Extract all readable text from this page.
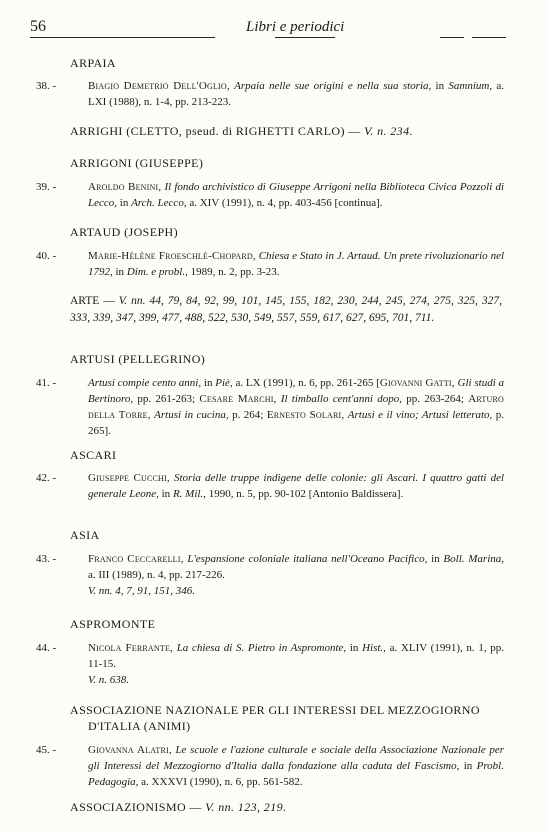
56	Libri e periodici
ARPAIA
38. -	Biagio Demetrio Dell'Oglio, Arpaia nelle sue origini e nella sua storia, in Samnium, a. LXI (1988), n. 1-4, pp. 213-223.
ARRIGHI (CLETTO, pseud. di RIGHETTI CARLO) — V. n. 234.
ARRIGONI (GIUSEPPE)
39. -	Aroldo Benini, Il fondo archivistico di Giuseppe Arrigoni nella Biblioteca Civica Pozzoli di Lecco, in Arch. Lecco, a. XIV (1991), n. 4, pp. 403-456 [continua].
ARTAUD (JOSEPH)
40. -	Marie-Hélène Froeschlé-Chopard, Chiesa e Stato in J. Artaud. Un prete rivoluzionario nel 1792, in Dim. e probl., 1989, n. 2, pp. 3-23.
ARTE — V. nn. 44, 79, 84, 92, 99, 101, 145, 155, 182, 230, 244, 245, 274, 275, 325, 327, 333, 339, 347, 399, 477, 488, 522, 530, 549, 557, 559, 617, 627, 695, 701, 711.
ARTUSI (PELLEGRINO)
41. -	Artusi compie cento anni, in Piè, a. LX (1991), n. 6, pp. 261-265 [Giovanni Gatti, Gli studi a Bertinoro, pp. 261-263; Cesare Marchi, Il timballo cent'anni dopo, pp. 263-264; Arturo della Torre, Artusi in cucina, p. 264; Ernesto Solari, Artusi e il vino; Artusi letterato, p. 265].
ASCARI
42. -	Giuseppe Cucchi, Storia delle truppe indigene delle colonie: gli Ascari. I quattro gatti del generale Leone, in R. Mil., 1990, n. 5, pp. 90-102 [Antonio Baldissera].
ASIA
43. -	Franco Ceccarelli, L'espansione coloniale italiana nell'Oceano Pacifico, in Boll. Marina, a. III (1989), n. 4, pp. 217-226.
V. nn. 4, 7, 91, 151, 346.
ASPROMONTE
44. -	Nicola Ferrante, La chiesa di S. Pietro in Aspromonte, in Hist., a. XLIV (1991), n. 1, pp. 11-15.
V. n. 638.
ASSOCIAZIONE NAZIONALE PER GLI INTERESSI DEL MEZZOGIORNO
D'ITALIA (ANIMI)
45. -	Giovanna Alatri, Le scuole e l'azione culturale e sociale della Associazione Nazionale per gli Interessi del Mezzogiorno d'Italia dalla fondazione alla caduta del Fascismo, in Probl. Pedagogia, a. XXXVI (1990), n. 6, pp. 561-582.
ASSOCIAZIONISMO — V. nn. 123, 219.
